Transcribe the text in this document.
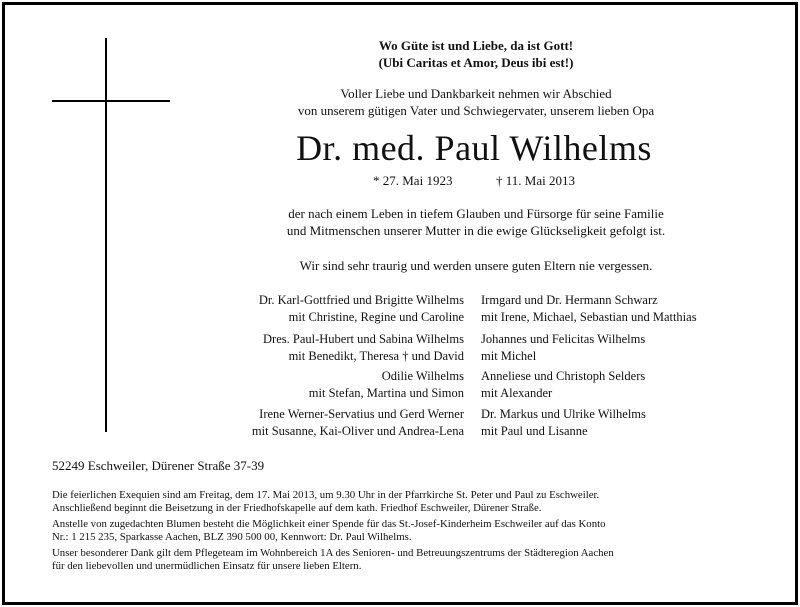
Wo Güte ist und Liebe, da ist Gott!
(Ubi Caritas et Amor, Deus ibi est!)
Voller Liebe und Dankbarkeit nehmen wir Abschied
von unserem gütigen Vater und Schwiegervater, unserem lieben Opa
Dr. med. Paul Wilhelms
* 27. Mai 1923	† 11. Mai 2013
der nach einem Leben in tiefem Glauben und Fürsorge für seine Familie
und Mitmenschen unserer Mutter in die ewige Glückseligkeit gefolgt ist.
Wir sind sehr traurig und werden unsere guten Eltern nie vergessen.
Dr. Karl-Gottfried und Brigitte Wilhelms
mit Christine, Regine und Caroline
Dres. Paul-Hubert und Sabina Wilhelms
mit Benedikt, Theresa † und David
Odilie Wilhelms
mit Stefan, Martina und Simon
Irene Werner-Servatius und Gerd Werner
mit Susanne, Kai-Oliver und Andrea-Lena
Irmgard und Dr. Hermann Schwarz
mit Irene, Michael, Sebastian und Matthias
Johannes und Felicitas Wilhelms
mit Michel
Anneliese und Christoph Selders
mit Alexander
Dr. Markus und Ulrike Wilhelms
mit Paul und Lisanne
52249 Eschweiler, Dürener Straße 37-39
Die feierlichen Exequien sind am Freitag, dem 17. Mai 2013, um 9.30 Uhr in der Pfarrkirche St. Peter und Paul zu Eschweiler.
Anschließend beginnt die Beisetzung in der Friedhofskapelle auf dem kath. Friedhof Eschweiler, Dürener Straße.
Anstelle von zugedachten Blumen besteht die Möglichkeit einer Spende für das St.-Josef-Kinderheim Eschweiler auf das Konto
Nr.: 1 215 235, Sparkasse Aachen, BLZ 390 500 00, Kennwort: Dr. Paul Wilhelms.
Unser besonderer Dank gilt dem Pflegeteam im Wohnbereich 1A des Senioren- und Betreuungszentrums der Städteregion Aachen
für den liebevollen und unermüdlichen Einsatz für unsere lieben Eltern.
